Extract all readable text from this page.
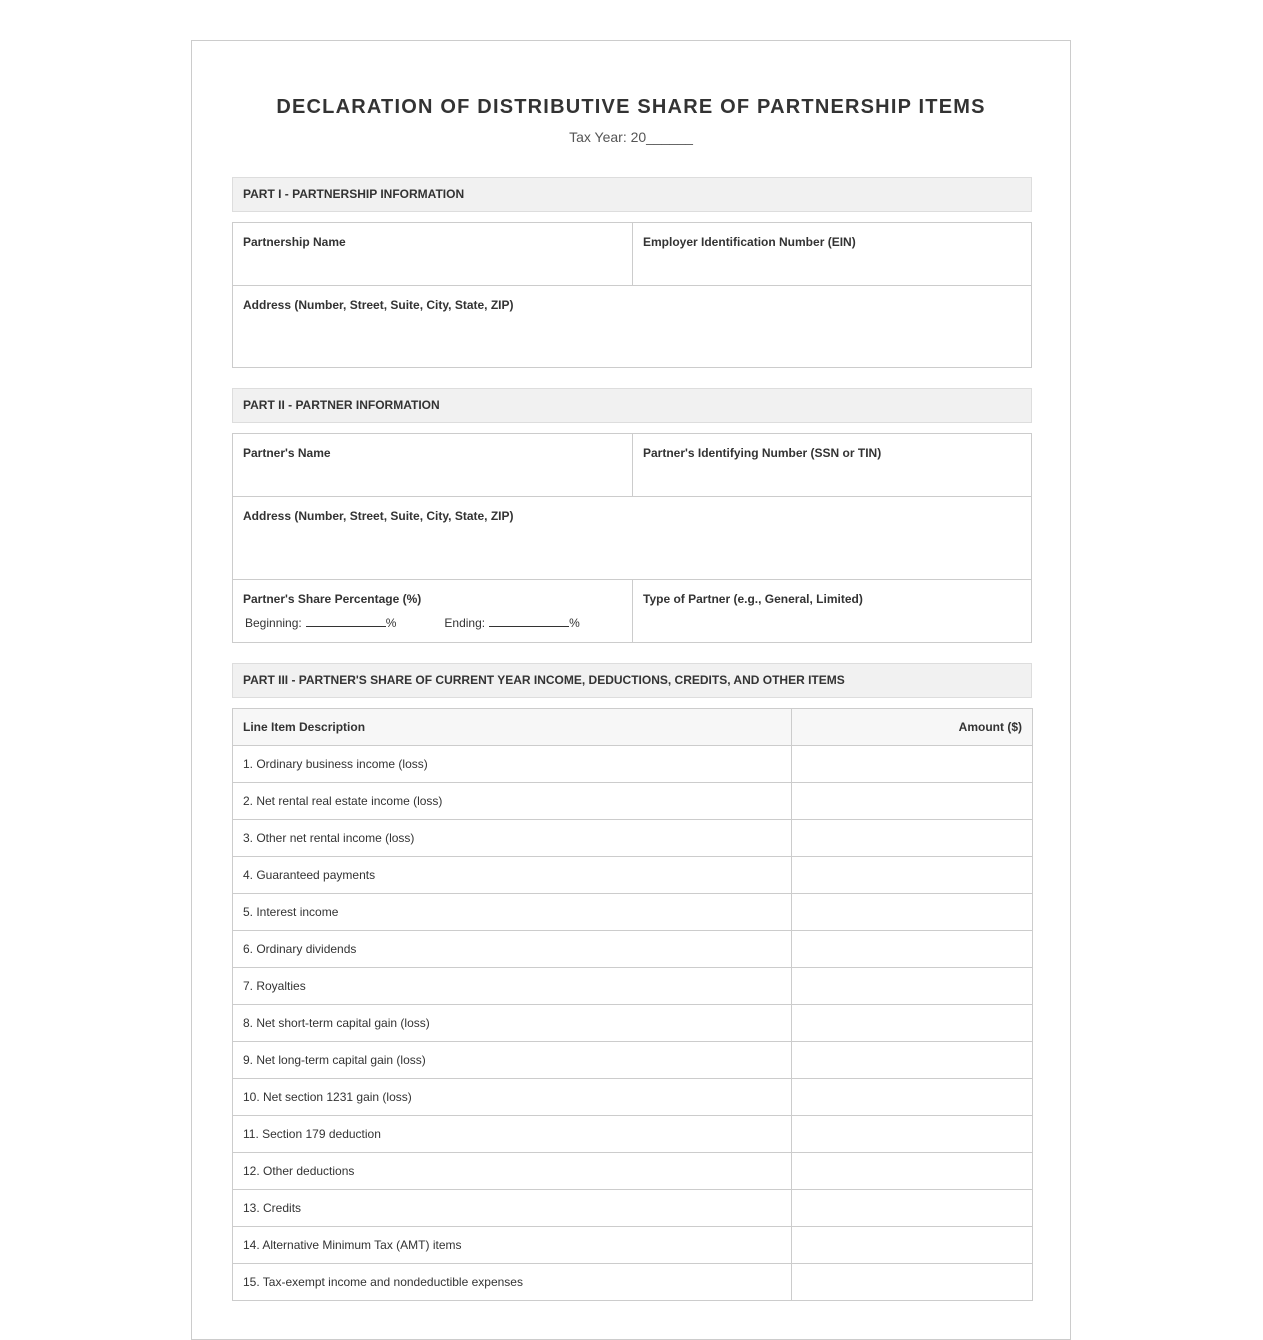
DECLARATION OF DISTRIBUTIVE SHARE OF PARTNERSHIP ITEMS
Tax Year: 20______
PART I - PARTNERSHIP INFORMATION
Partnership Name	Employer Identification Number (EIN)
Address (Number, Street, Suite, City, State, ZIP)
PART II - PARTNER INFORMATION
Partner's Name	Partner's Identifying Number (SSN or TIN)
Address (Number, Street, Suite, City, State, ZIP)
Partner's Share Percentage (%)
Beginning:	%	Ending:	%
Type of Partner (e.g., General, Limited)
PART III - PARTNER'S SHARE OF CURRENT YEAR INCOME, DEDUCTIONS, CREDITS, AND OTHER ITEMS
Line Item Description	Amount ($)
1. Ordinary business income (loss)	
2. Net rental real estate income (loss)	
3. Other net rental income (loss)	
4. Guaranteed payments	
5. Interest income	
6. Ordinary dividends	
7. Royalties	
8. Net short-term capital gain (loss)	
9. Net long-term capital gain (loss)	
10. Net section 1231 gain (loss)	
11. Section 179 deduction	
12. Other deductions	
13. Credits	
14. Alternative Minimum Tax (AMT) items	
15. Tax-exempt income and nondeductible expenses	
